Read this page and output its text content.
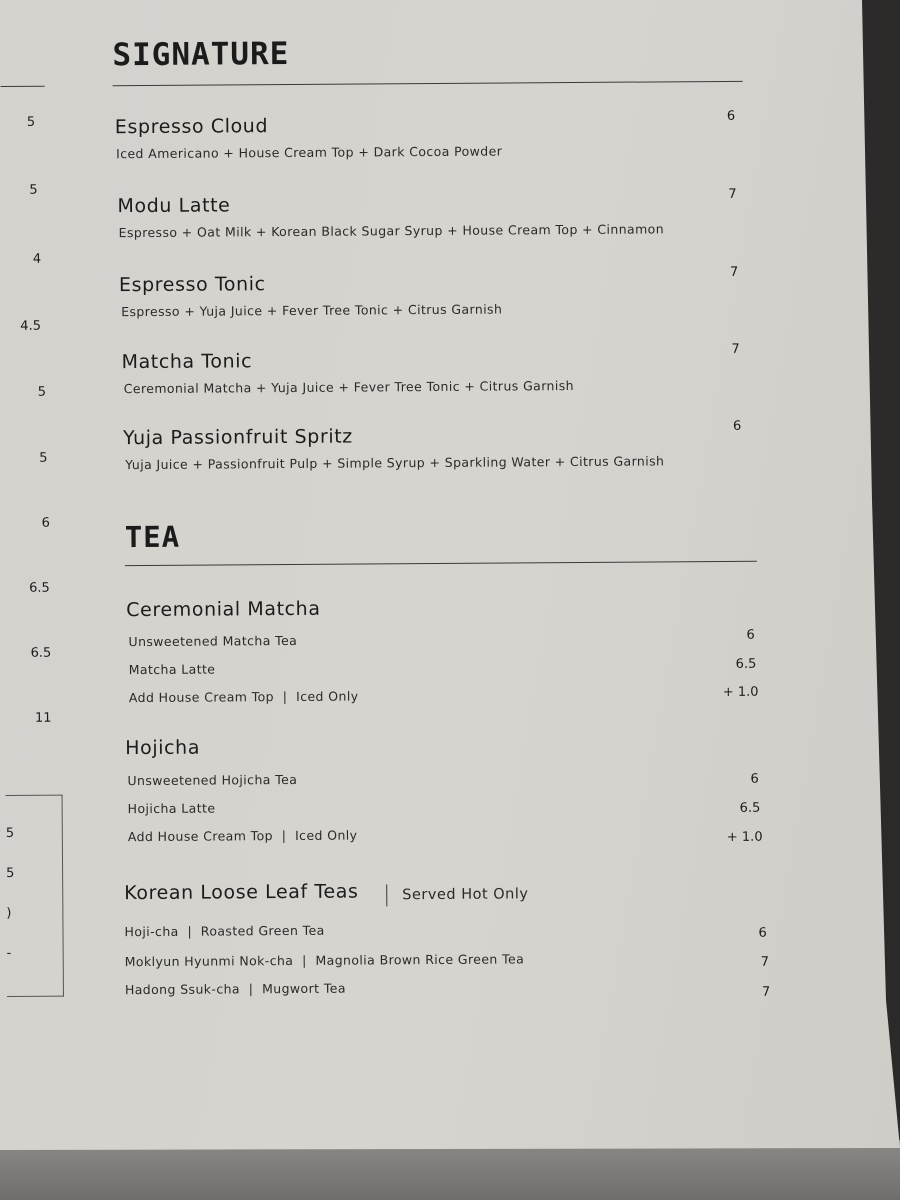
5
5
4
4.5
5
5
6
6.5
6.5
11
5
5
)
-
SIGNATURE
Espresso Cloud
Iced Americano + House Cream Top + Dark Cocoa Powder
6
Modu Latte
Espresso + Oat Milk + Korean Black Sugar Syrup + House Cream Top + Cinnamon
7
Espresso Tonic
Espresso + Yuja Juice + Fever Tree Tonic + Citrus Garnish
7
Matcha Tonic
Ceremonial Matcha + Yuja Juice + Fever Tree Tonic + Citrus Garnish
7
Yuja Passionfruit Spritz
Yuja Juice + Passionfruit Pulp + Simple Syrup + Sparkling Water + Citrus Garnish
6
TEA
Ceremonial Matcha
Unsweetened Matcha Tea	6
Matcha Latte	6.5
Add House Cream Top  |  Iced Only	+ 1.0
Hojicha
Unsweetened Hojicha Tea	6
Hojicha Latte	6.5
Add House Cream Top  |  Iced Only	+ 1.0
Korean Loose Leaf Teas	Served Hot Only
Hoji-cha  |  Roasted Green Tea	6
Moklyun Hyunmi Nok-cha  |  Magnolia Brown Rice Green Tea	7
Hadong Ssuk-cha  |  Mugwort Tea	7
